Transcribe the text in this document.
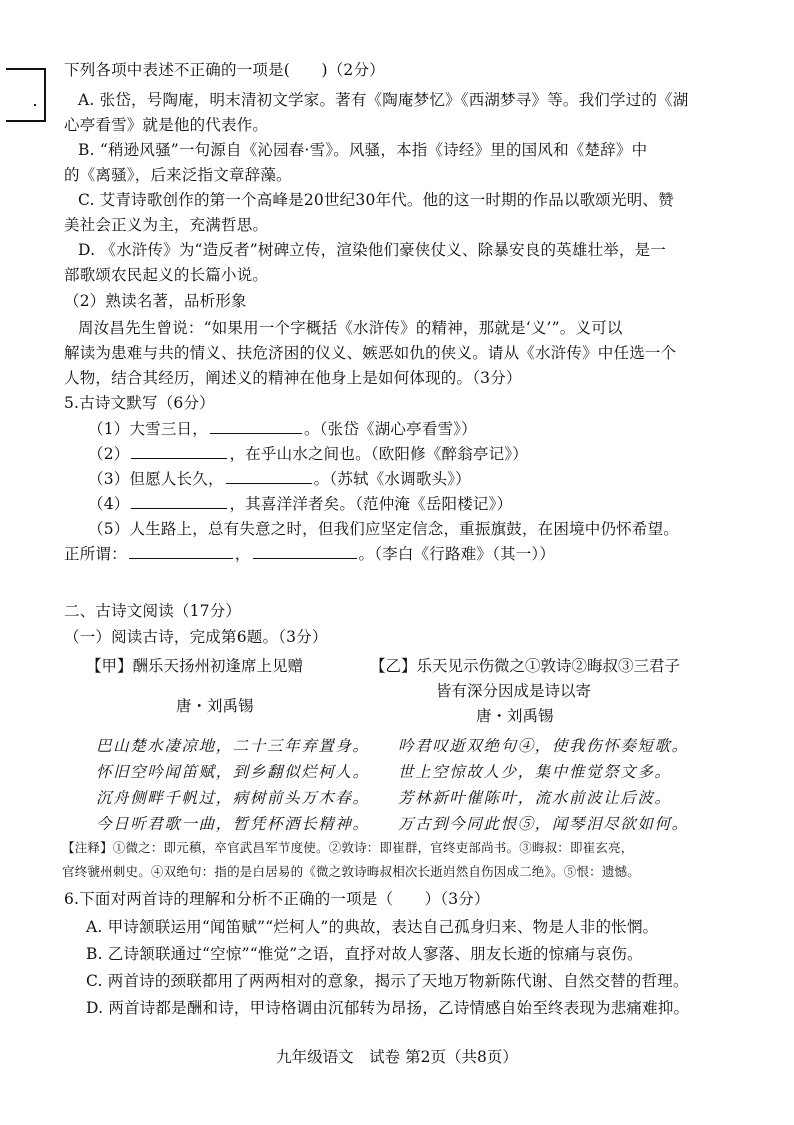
下列各项中表述不正确的一项是(　　)（2分）
A. 张岱，号陶庵，明末清初文学家。著有《陶庵梦忆》《西湖梦寻》等。我们学过的《湖
心亭看雪》就是他的代表作。
B. “稍逊风骚”一句源自《沁园春·雪》。风骚，本指《诗经》里的国风和《楚辞》中
的《离骚》，后来泛指文章辞藻。
C. 艾青诗歌创作的第一个高峰是20世纪30年代。他的这一时期的作品以歌颂光明、赞
美社会正义为主，充满哲思。
D. 《水浒传》为“造反者”树碑立传，渲染他们豪侠仗义、除暴安良的英雄壮举，是一
部歌颂农民起义的长篇小说。
（2）熟读名著，品析形象
周汝昌先生曾说：“如果用一个字概括《水浒传》的精神，那就是‘义’”。义可以
解读为患难与共的情义、扶危济困的仪义、嫉恶如仇的侠义。请从《水浒传》中任选一个
人物，结合其经历，阐述义的精神在他身上是如何体现的。（3分）
5.古诗文默写（6分）
（1）大雪三日，	。（张岱《湖心亭看雪》）
（2）	，在乎山水之间也。（欧阳修《醉翁亭记》）
（3）但愿人长久，	。（苏轼《水调歌头》）
（4）	，其喜洋洋者矣。（范仲淹《岳阳楼记》）
（5）人生路上，总有失意之时，但我们应坚定信念，重振旗鼓，在困境中仍怀希望。
正所谓：	，	。（李白《行路难》（其一））
二、古诗文阅读（17分）
（一）阅读古诗，完成第6题。（3分）
【甲】酬乐天扬州初逢席上见赠
唐・刘禹锡
巴山楚水凄凉地，二十三年弃置身。
怀旧空吟闻笛赋，到乡翻似烂柯人。
沉舟侧畔千帆过，病树前头万木春。
今日听君歌一曲，暂凭杯酒长精神。
【乙】乐天见示伤微之①敦诗②晦叔③三君子
皆有深分因成是诗以寄
唐・刘禹锡
吟君叹逝双绝句④，使我伤怀奏短歌。
世上空惊故人少，集中惟觉祭文多。
芳林新叶催陈叶，流水前波让后波。
万古到今同此恨⑤，闻琴泪尽欲如何。
【注释】①微之：即元稹，卒官武昌军节度使。②敦诗：即崔群，官终吏部尚书。③晦叔：即崔玄亮，
官终虢州刺史。④双绝句：指的是白居易的《微之敦诗晦叔相次长逝岿然自伤因成二绝》。⑤恨：遗憾。
6.下面对两首诗的理解和分析不正确的一项是（　　）（3分）
A. 甲诗颔联运用“闻笛赋”“烂柯人”的典故，表达自己孤身归来、物是人非的怅惘。
B. 乙诗颔联通过“空惊”“惟觉”之语，直抒对故人寥落、朋友长逝的惊痛与哀伤。
C. 两首诗的颈联都用了两两相对的意象，揭示了天地万物新陈代谢、自然交替的哲理。
D. 两首诗都是酬和诗，甲诗格调由沉郁转为昂扬，乙诗情感自始至终表现为悲痛难抑。
九年级语文　试卷 第2页（共8页）
